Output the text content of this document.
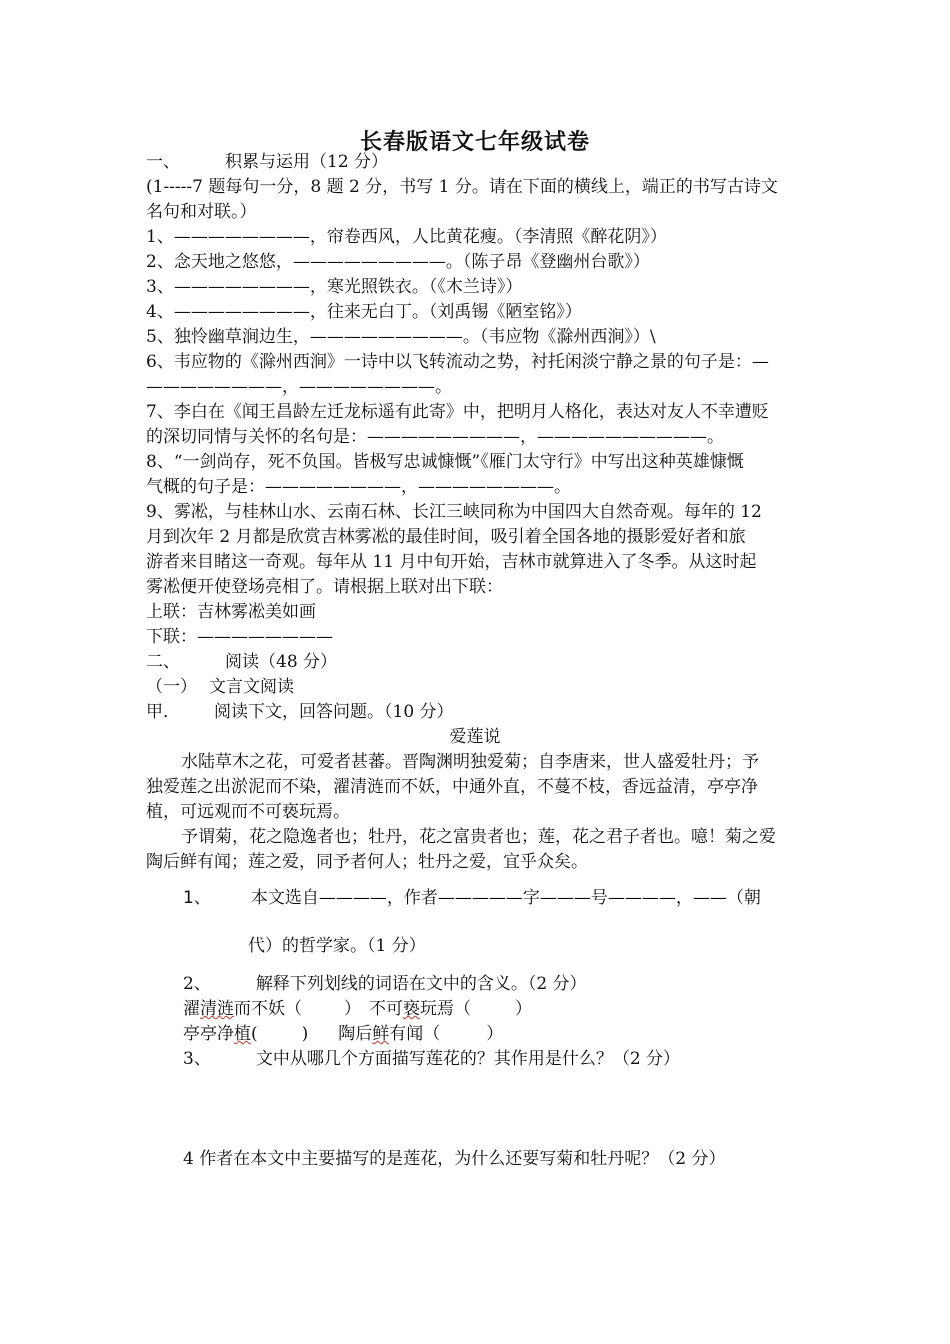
长春版语文七年级试卷
一、	积累与运用（12 分）
(1-----7 题每句一分，8 题 2 分，书写 1 分。请在下面的横线上，端正的书写古诗文
名句和对联。）
1、————————，帘卷西风，人比黄花瘦。（李清照《醉花阴》）
2、念天地之悠悠，—————————。（陈子昂《登幽州台歌》）
3、————————，寒光照铁衣。（《木兰诗》）
4、————————，往来无白丁。（刘禹锡《陋室铭》）
5、独怜幽草涧边生，—————————。（韦应物《滁州西涧》）\
6、韦应物的《滁州西涧》一诗中以飞转流动之势，衬托闲淡宁静之景的句子是：—
————————，————————。
7、李白在《闻王昌龄左迁龙标遥有此寄》中，把明月人格化，表达对友人不幸遭贬
的深切同情与关怀的名句是：—————————，——————————。
8、“一剑尚存，死不负国。皆极写忠诚慷慨”《雁门太守行》中写出这种英雄慷慨
气概的句子是：————————，————————。
9、雾凇，与桂林山水、云南石林、长江三峡同称为中国四大自然奇观。每年的 12
月到次年 2 月都是欣赏吉林雾凇的最佳时间，吸引着全国各地的摄影爱好者和旅
游者来目睹这一奇观。每年从 11 月中旬开始，吉林市就算进入了冬季。从这时起
雾凇便开使登场亮相了。请根据上联对出下联：
上联：吉林雾凇美如画
下联：————————
二、	阅读（48 分）
（一） 文言文阅读
甲． 阅读下文，回答问题。（10 分）
爱莲说
水陆草木之花，可爱者甚蕃。晋陶渊明独爱菊；自李唐来，世人盛爱牡丹；予
独爱莲之出淤泥而不染，濯清涟而不妖，中通外直，不蔓不枝，香远益清，亭亭净
植，可远观而不可亵玩焉。
予谓菊，花之隐逸者也；牡丹，花之富贵者也；莲，花之君子者也。噫！菊之爱
陶后鲜有闻；莲之爱，同予者何人；牡丹之爱，宜乎众矣。
1、 本文选自————，作者—————字———号————，——（朝
代）的哲学家。（1 分）
2、	解释下列划线的词语在文中的含义。（2 分）
濯清涟而不妖（ ） 不可亵玩焉（	）
亭亭净植(	) 陶后鲜有闻（	）
3、	文中从哪几个方面描写莲花的？其作用是什么？（2 分）
4 作者在本文中主要描写的是莲花，为什么还要写菊和牡丹呢？（2 分）
